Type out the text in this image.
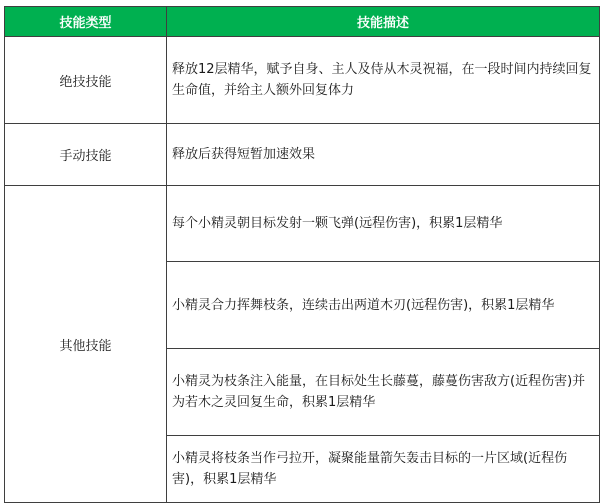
技能类型	技能描述
绝技技能	释放12层精华，赋予自身、主人及侍从木灵祝福，在一段时间内持续回复生命值，并给主人额外回复体力
手动技能	释放后获得短暂加速效果
其他技能	每个小精灵朝目标发射一颗飞弹(远程伤害)，积累1层精华
	小精灵合力挥舞枝条，连续击出两道木刃(远程伤害)，积累1层精华
	小精灵为枝条注入能量，在目标处生长藤蔓，藤蔓伤害敌方(近程伤害)并为若木之灵回复生命，积累1层精华
	小精灵将枝条当作弓拉开，凝聚能量箭矢轰击目标的一片区域(近程伤害)，积累1层精华
